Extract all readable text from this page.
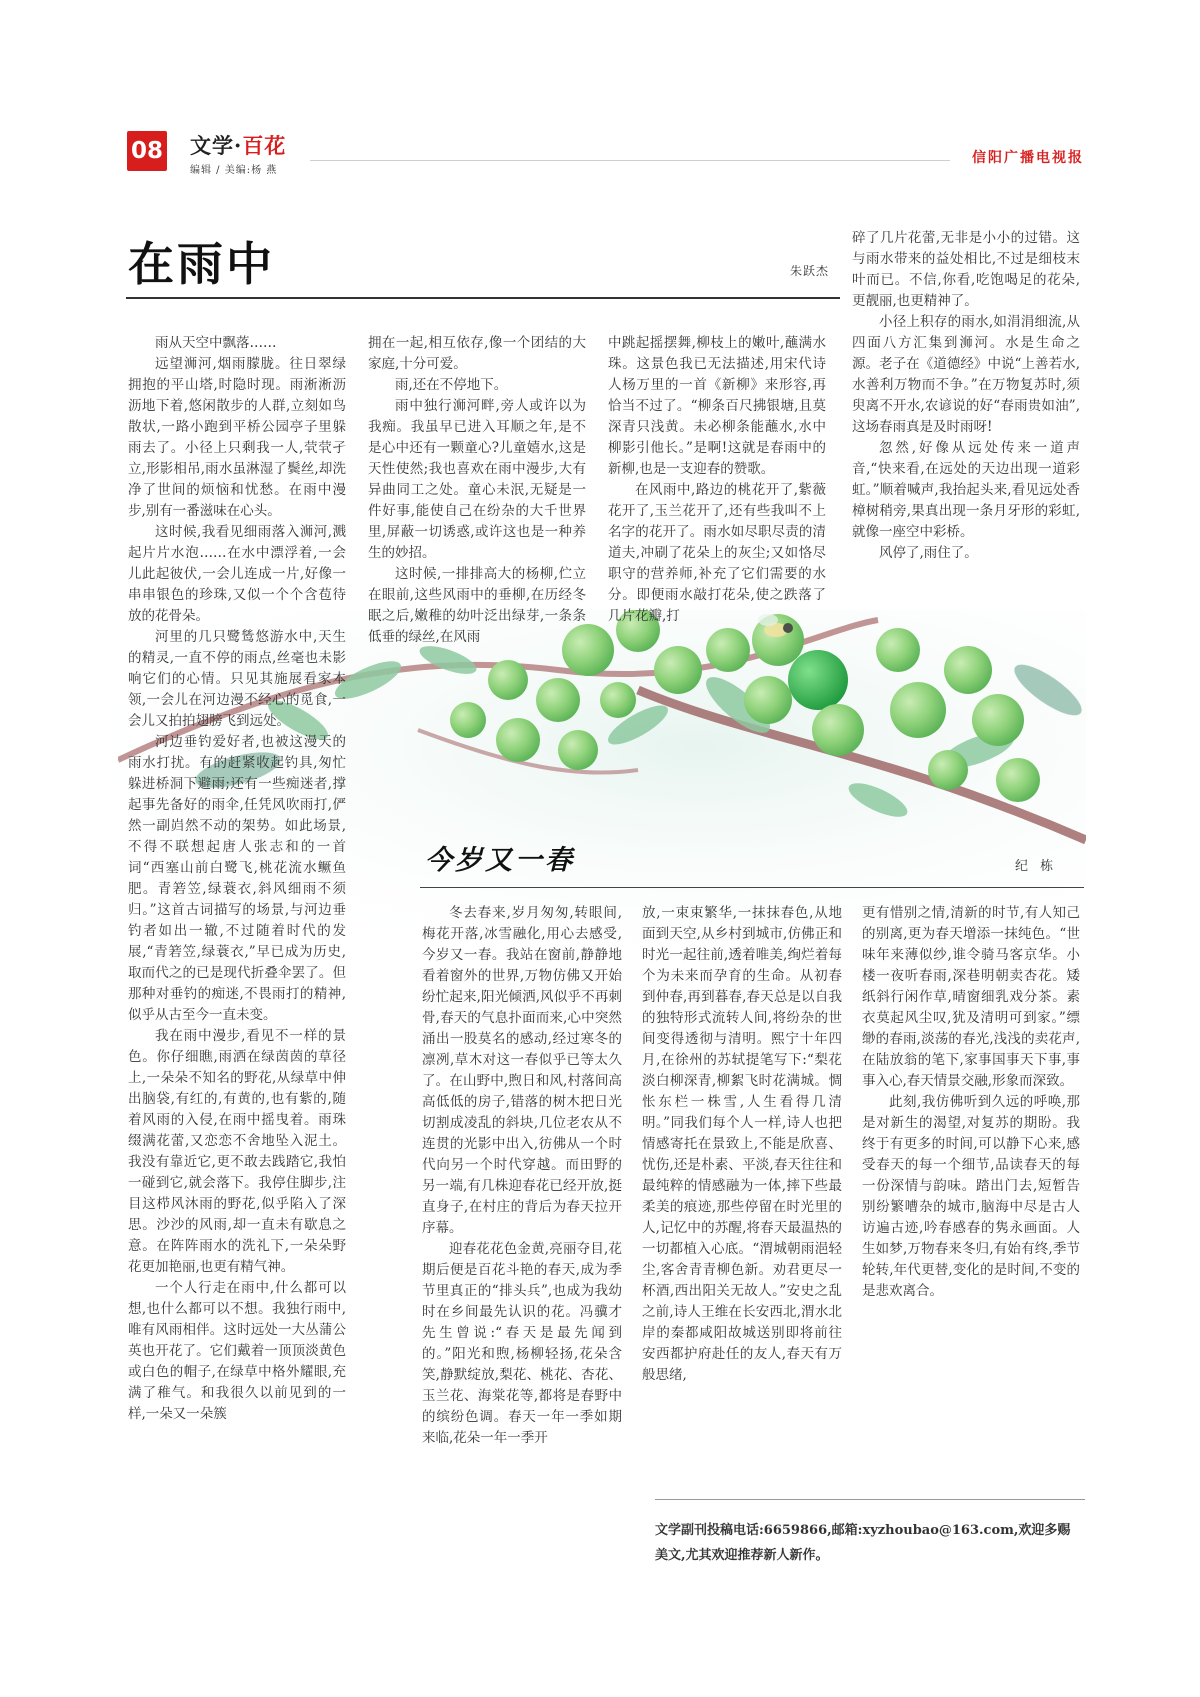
08 文学·百花
编辑 / 美编:杨 燕
信阳广播电视报
在雨中	朱跃杰

雨从天空中飘落……

远望浉河,烟雨朦胧。往日翠绿拥抱的平山塔,时隐时现。雨淅淅沥沥地下着,悠闲散步的人群,立刻如鸟散状,一路小跑到平桥公园亭子里躲雨去了。小径上只剩我一人,茕茕孑立,形影相吊,雨水虽淋湿了鬓丝,却洗净了世间的烦恼和忧愁。在雨中漫步,别有一番滋味在心头。

这时候,我看见细雨落入浉河,溅起片片水泡……在水中漂浮着,一会儿此起彼伏,一会儿连成一片,好像一串串银色的珍珠,又似一个个含苞待放的花骨朵。

河里的几只鹭鸶悠游水中,天生的精灵,一直不停的雨点,丝毫也未影响它们的心情。只见其施展看家本领,一会儿在河边漫不经心的觅食,一会儿又拍拍翅膀飞到远处。

河边垂钓爱好者,也被这漫天的雨水打扰。有的赶紧收起钓具,匆忙躲进桥洞下避雨;还有一些痴迷者,撑起事先备好的雨伞,任凭风吹雨打,俨然一副岿然不动的架势。如此场景,不得不联想起唐人张志和的一首词“西塞山前白鹭飞,桃花流水鳜鱼肥。青箬笠,绿蓑衣,斜风细雨不须归。”这首古词描写的场景,与河边垂钓者如出一辙,不过随着时代的发展,“青箬笠,绿蓑衣,”早已成为历史,取而代之的已是现代折叠伞罢了。但那种对垂钓的痴迷,不畏雨打的精神,似乎从古至今一直未变。

我在雨中漫步,看见不一样的景色。你仔细瞧,雨洒在绿茵茵的草径上,一朵朵不知名的野花,从绿草中伸出脑袋,有红的,有黄的,也有紫的,随着风雨的入侵,在雨中摇曳着。雨珠缀满花蕾,又恋恋不舍地坠入泥土。我没有靠近它,更不敢去践踏它,我怕一碰到它,就会落下。我停住脚步,注目这栉风沐雨的野花,似乎陷入了深思。沙沙的风雨,却一直未有歇息之意。在阵阵雨水的洗礼下,一朵朵野花更加艳丽,也更有精气神。

一个人行走在雨中,什么都可以想,也什么都可以不想。我独行雨中,唯有风雨相伴。这时远处一大丛蒲公英也开花了。它们戴着一顶顶淡黄色或白色的帽子,在绿草中格外耀眼,充满了稚气。和我很久以前见到的一样,一朵又一朵簇

拥在一起,相互依存,像一个团结的大家庭,十分可爱。

雨,还在不停地下。

雨中独行浉河畔,旁人或许以为我痴。我虽早已进入耳顺之年,是不是心中还有一颗童心?儿童嬉水,这是天性使然;我也喜欢在雨中漫步,大有异曲同工之处。童心未泯,无疑是一件好事,能使自己在纷杂的大千世界里,屏蔽一切诱惑,或许这也是一种养生的妙招。

这时候,一排排高大的杨柳,伫立在眼前,这些风雨中的垂柳,在历经冬眠之后,嫩稚的幼叶泛出绿芽,一条条低垂的绿丝,在风雨

中跳起摇摆舞,柳枝上的嫩叶,蘸满水珠。这景色我已无法描述,用宋代诗人杨万里的一首《新柳》来形容,再恰当不过了。“柳条百尺拂银塘,且莫深青只浅黄。未必柳条能蘸水,水中柳影引他长。”是啊!这就是春雨中的新柳,也是一支迎春的赞歌。

在风雨中,路边的桃花开了,紫薇花开了,玉兰花开了,还有些我叫不上名字的花开了。雨水如尽职尽责的清道夫,冲刷了花朵上的灰尘;又如恪尽职守的营养师,补充了它们需要的水分。即便雨水敲打花朵,使之跌落了几片花瓣,打

碎了几片花蕾,无非是小小的过错。这与雨水带来的益处相比,不过是细枝末叶而已。不信,你看,吃饱喝足的花朵,更靓丽,也更精神了。

小径上积存的雨水,如涓涓细流,从四面八方汇集到浉河。水是生命之源。老子在《道德经》中说“上善若水,水善利万物而不争。”在万物复苏时,须臾离不开水,农谚说的好“春雨贵如油”,这场春雨真是及时雨呀!

忽然,好像从远处传来一道声音,“快来看,在远处的天边出现一道彩虹。”顺着喊声,我抬起头来,看见远处香樟树稍旁,果真出现一条月牙形的彩虹,就像一座空中彩桥。

风停了,雨住了。

今岁又一春	纪 栋

冬去春来,岁月匆匆,转眼间,梅花开落,冰雪融化,用心去感受,今岁又一春。我站在窗前,静静地看着窗外的世界,万物仿佛又开始纷忙起来,阳光倾洒,风似乎不再刺骨,春天的气息扑面而来,心中突然涌出一股莫名的感动,经过寒冬的凛冽,草木对这一春似乎已等太久了。在山野中,煦日和风,村落间高高低低的房子,错落的树木把日光切割成凌乱的斜块,几位老农从不连贯的光影中出入,彷佛从一个时代向另一个时代穿越。而田野的另一端,有几株迎春花已经开放,挺直身子,在村庄的背后为春天拉开序幕。

迎春花花色金黄,亮丽夺目,花期后便是百花斗艳的春天,成为季节里真正的“排头兵”,也成为我幼时在乡间最先认识的花。冯骥才先生曾说:“春天是最先闻到的。”阳光和煦,杨柳轻扬,花朵含笑,静默绽放,梨花、桃花、杏花、玉兰花、海棠花等,都将是春野中的缤纷色调。春天一年一季如期来临,花朵一年一季开

放,一束束繁华,一抹抹春色,从地面到天空,从乡村到城市,仿佛正和时光一起往前,透着唯美,绚烂着每个为未来而孕育的生命。从初春到仲春,再到暮春,春天总是以自我的独特形式流转人间,将纷杂的世间变得透彻与清明。熙宁十年四月,在徐州的苏轼提笔写下:“梨花淡白柳深青,柳絮飞时花满城。惆怅东栏一株雪,人生看得几清明。”同我们每个人一样,诗人也把情感寄托在景致上,不能是欣喜、忧伤,还是朴素、平淡,春天往往和最纯粹的情感融为一体,摔下些最柔美的痕迹,那些停留在时光里的人,记忆中的苏醒,将春天最温热的一切都植入心底。“渭城朝雨浥轻尘,客舍青青柳色新。劝君更尽一杯酒,西出阳关无故人。”安史之乱之前,诗人王维在长安西北,渭水北岸的秦都咸阳故城送别即将前往安西都护府赴任的友人,春天有万般思绪,

更有惜别之情,清新的时节,有人知己的别离,更为春天增添一抹纯色。“世味年来薄似纱,谁令骑马客京华。小楼一夜听春雨,深巷明朝卖杏花。矮纸斜行闲作草,晴窗细乳戏分茶。素衣莫起风尘叹,犹及清明可到家。”缥缈的春雨,淡荡的春光,浅浅的卖花声,在陆放翁的笔下,家事国事天下事,事事入心,春天情景交融,形象而深致。

此刻,我仿佛听到久远的呼唤,那是对新生的渴望,对复苏的期盼。我终于有更多的时间,可以静下心来,感受春天的每一个细节,品读春天的每一份深情与韵味。踏出门去,短暂告别纷繁嘈杂的城市,脑海中尽是古人访遍古迹,吟春感春的隽永画面。人生如梦,万物春来冬归,有始有终,季节轮转,年代更替,变化的是时间,不变的是悲欢离合。

文学副刊投稿电话:6659866,邮箱:xyzhoubao@163.com,欢迎多赐美文,尤其欢迎推荐新人新作。
